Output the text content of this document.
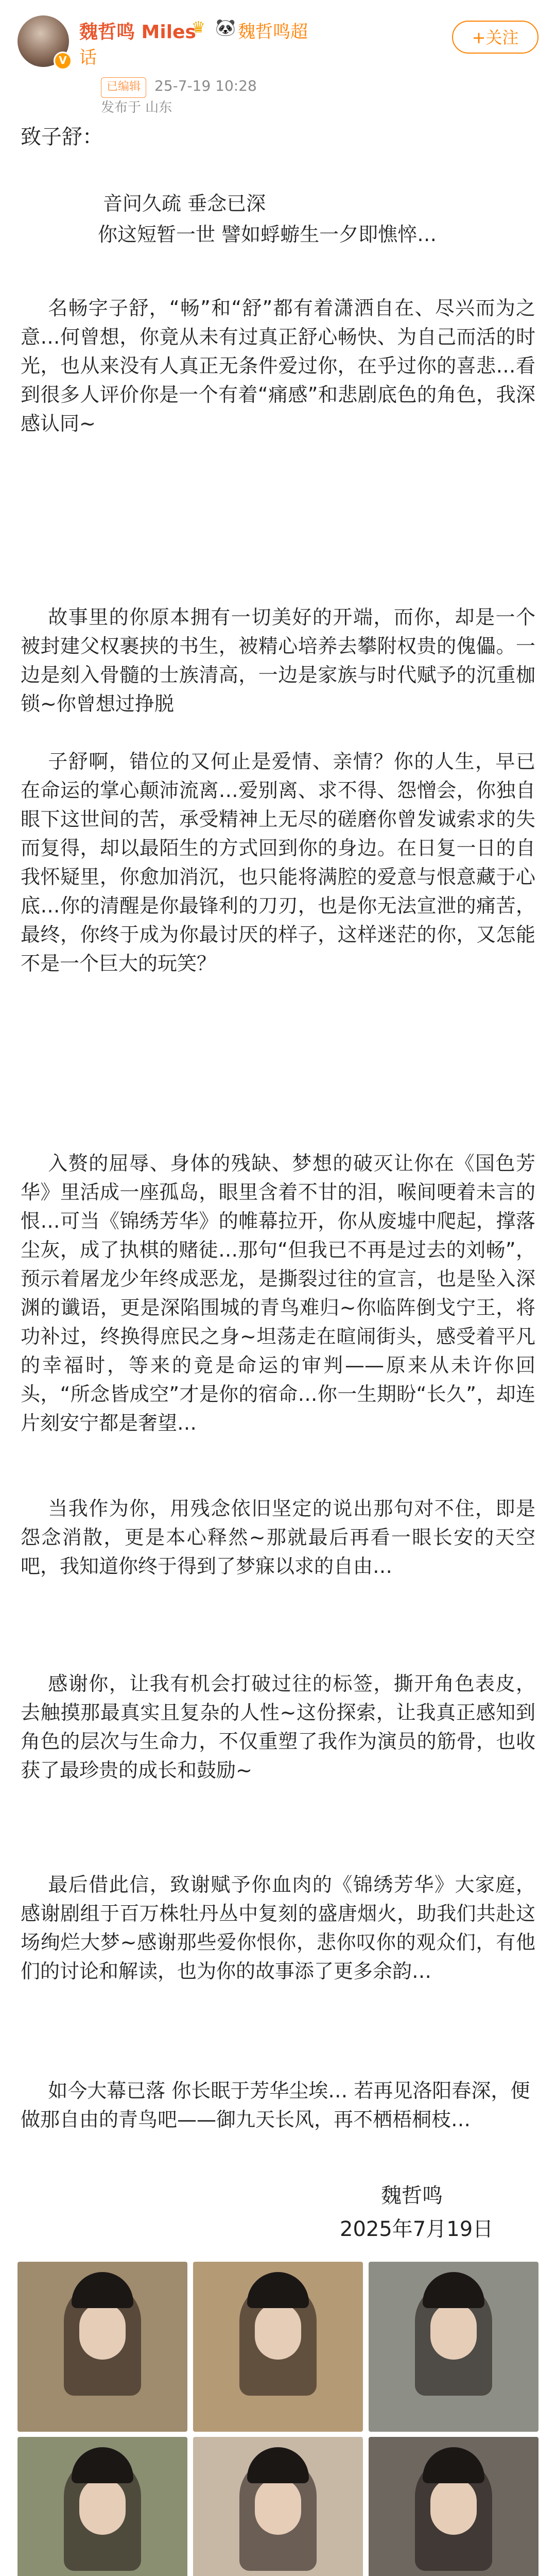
V
魏哲鸣 Miles
♛ 🐼 魏哲鸣超
话
+关注
已编辑 25-7-19 10:28
发布于 山东
致子舒：
音问久疏 垂念已深
你这短暂一世 譬如蜉蝣生一夕即憔悴…
名畅字子舒，“畅”和“舒”都有着潇洒自在、尽兴而为之意…何曾想，你竟从未有过真正舒心畅快、为自己而活的时光，也从来没有人真正无条件爱过你，在乎过你的喜悲…看到很多人评价你是一个有着“痛感”和悲剧底色的角色，我深感认同~
故事里的你原本拥有一切美好的开端，而你，却是一个被封建父权裹挟的书生，被精心培养去攀附权贵的傀儡。一边是刻入骨髓的士族清高，一边是家族与时代赋予的沉重枷锁~你曾想过挣脱
子舒啊，错位的又何止是爱情、亲情？你的人生，早已在命运的掌心颠沛流离…爱别离、求不得、怨憎会，你独自眼下这世间的苦，承受精神上无尽的磋磨你曾发诚索求的失而复得，却以最陌生的方式回到你的身边。在日复一日的自我怀疑里，你愈加消沉，也只能将满腔的爱意与恨意藏于心底…你的清醒是你最锋利的刀刃，也是你无法宣泄的痛苦，最终，你终于成为你最讨厌的样子，这样迷茫的你，又怎能不是一个巨大的玩笑？
入赘的屈辱、身体的残缺、梦想的破灭让你在《国色芳华》里活成一座孤岛，眼里含着不甘的泪，喉间哽着未言的恨…可当《锦绣芳华》的帷幕拉开，你从废墟中爬起，撑落尘灰，成了执棋的赌徒…那句“但我已不再是过去的刘畅”，预示着屠龙少年终成恶龙，是撕裂过往的宣言，也是坠入深渊的谶语，更是深陷围城的青鸟难归~你临阵倒戈宁王，将功补过，终换得庶民之身~坦荡走在暄闹街头，感受着平凡的幸福时，等来的竟是命运的审判——原来从未许你回头，“所念皆成空”才是你的宿命…你一生期盼“长久”，却连片刻安宁都是奢望…
当我作为你，用残念依旧坚定的说出那句对不住，即是怨念消散，更是本心释然~那就最后再看一眼长安的天空吧，我知道你终于得到了梦寐以求的自由…
感谢你，让我有机会打破过往的标签，撕开角色表皮，去触摸那最真实且复杂的人性~这份探索，让我真正感知到角色的层次与生命力，不仅重塑了我作为演员的筋骨，也收获了最珍贵的成长和鼓励~
最后借此信，致谢赋予你血肉的《锦绣芳华》大家庭，感谢剧组于百万株牡丹丛中复刻的盛唐烟火，助我们共赴这场绚烂大梦~感谢那些爱你恨你，悲你叹你的观众们，有他们的讨论和解读，也为你的故事添了更多余韵…
如今大幕已落 你长眠于芳华尘埃… 若再见洛阳春深，便做那自由的青鸟吧——御九天长风，再不栖梧桐枝…
魏哲鸣
2025年7月19日
